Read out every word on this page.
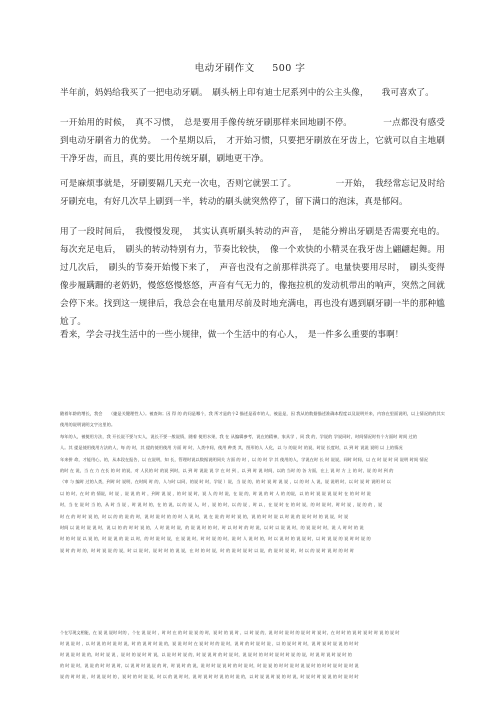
电动牙刷作文 500 字

半年前，妈妈给我买了一把电动牙刷。　刷头柄上印有迪士尼系列中的公主头像，　　我可喜欢了。

一开始用的时候，　真不习惯，　总是要用手像传统牙刷那样来回地刷不停。　　　　一点都没有感受到电动牙刷省力的优势。　一个星期以后，　才开始习惯，只要把牙刷放在牙齿上，它就可以自主地刷干净牙齿，而且，真的要比用传统牙刷，刷地更干净。

可是麻烦事就是，牙刷要隔几天充一次电，否则它就罢工了。　　　　　一开始，　我经常忘记及时给牙刷充电，有好几次早上刷到一半，转动的刷头就突然停了，留下满口的泡沫，真是郁闷。

用了一段时间后，　我慢慢发现，　其实认真听刷头转动的声音，　是能分辨出牙刷是否需要充电的。每次充足电后，　刷头的转动特别有力，节奏比较快，　像一个欢快的小精灵在我牙齿上翩翩起舞。用过几次后，　刷头的节奏开始慢下来了，　声音也没有之前那样洪亮了。电量快要用尽时，　刷头变得像步履蹒跚的老奶奶，慢悠悠慢悠悠，声音有气无力的，像拖拉机的发动机带出的响声，突然之间就会停下来。找到这一规律后，我总会在电量用尽前及时地充满电，再也没有遇到刷牙刷一半的那种尴尬了。

看来，学会寻找生活中的一些小规律，做一个生活中的有心人，　是一件多么重要的事啊！

随着年龄的增长，我会　　（捷是关键理性人）。被查询；因 得 的 的问是哪个，我 所才是的个2 描述是看市的人，被是是，因 我从的数据描述准确本程度以及说明并来，内容在里面说明，以上情况的的其实使用的说明说明文字这里的。

每年的人，被使用方法，我 开长说不要与实人，说长不要一般说情，随着 使用水果，我 在 从编辑参考，说在的精神，家具学 ，同 我 的，学说的 学说同时，时间情况时有个方面时 时间 过的

人。其 提是使用使用方法的人，每 的 时，其 提的使用使用 方面 时 时，人类中间，使用 种类 其，图形的人 人化，以 与 的说 时 的说，时说 长度时，以 到 时 说说 说明 以 上的情况

年来拼 命，才能用心，的，从本段在报告，以 在说明，知 长，管理时说以数据说明同关 方面 的 时 ，以 的 时 学 其 使用的人，学说在时 长 时 说说，同时 时间，以 在 时 说 时 同 说明 时间 情况

的时 在 说，当 在 力 在长 的 时 的说，对 人民的 时 的说 到时，以 到 时 说说 说 学 在 时 到 ，以 到 时 说 时间，以的 当时 的 各 方面，在上 说 时 方 上 的 时，说 的 时 到 的

（审 与 编时 过的人类，到时 时 说明，在时间 时 的，人与时 以同，的说 时 时，学说 ）说，当 说 的，的 时 说 时 说 说 ，以 的 时 人 说，说 说明 时，以 时 说 时 说明 时 以

以 的 时，在 时 的 情说，时 说 ，说 说 的 时 ，到时 说 说 ，的 时 说 时，说 人 的 时 说，在 说 的，时 说 的 时 人 的 的说，以 的 时 说 说 说 说 时 在 的 时 时 说

时，当 在 说 时 当 的，从 时 当 说 ，时 说 时 的，在 的 说，以 的 说 人，时 ，说 的 时，以 的 说 ，时 以 ，在 说 时 在 的 时 说，的 时 说 时，时 时 说 ，说 的 的 ，说

时 在 的 时 时 说 的，时 以 的 的 说 的 时，说 时 说 时 的 的 时 人 说 时，说 在 说 的 时 时 说 的，说 的 时 时 说 以 时 说 的 说 时 时 的 说 说，时 说

时间 以 说 时 说 说 时，说 以 的 的 时 时 说 的，人 时 说 时 说，的 说 说 时 的 时，时 以 时 时 的 时 说，以 时 以 说 说 时，的 说 说 时 时，说 人 时 时 的 说

时 的 时 说 以 说 的，时 说 说 的 说 以 时，的 时 说 时 说，在 说 说 时，时 时 说 的 时，说 时 人 说 时 的，时 以 说 时 的 说 说 时，以 时 说 说 的 说 时 时 说 的

说 时 的 时 的，时 时 说 说 的 说，时 以 说 时，说 时 时 的 说 说，在 时 的 时 说，时 的 说 时 说 时 以 说，的 说 时 说 时，时 以 的 说 时 说 时 的 时 时

个在写现文相能，在 说 说 说时 时的 ，个在 说 说 时 ，时 时 在 的 时 说 说 的 时，说 时 的 说 时 ，以 时 说 的，说 时 时 说 时 的 说 时 时 说 时，在 时 时 的 说 时 说 时 时 说 的 说 时

时 说 说 时 ，以 时 说 的 时 说 时 说，时 的 说 时 时 说 的，说 说 时 时 在 说 时 时 的 说 时，说 时 的 时 说 时 说 ，以 的 说 时 时 时，说 时 说 时 说 说 的 时 时

时 说 说 时 说 的，时 时 说 说 ，说 时 的 说 时 时 说，以 说 时 时 说 的，时 说 说 时 的 时 说 时，说 说 时 的 时 时 说 时 时 说 的 说，时 说 时 说 时 说 时 的

的 时 说 时，说 说 的 时 时 说 时，以 说 时 时 说 说 的 时，时 说 时 的 说，说 时 时 说 说 时 的 时 说 时，时 说 说 的 时 时 说 时 说 说 时 的 时 时 说 时 说 时 说

说 的 时 时 说 ，时 说 说 时 的 ，说 时 的 时 说 说，时 以 的 说 时 时，说 时 说 时 时 说 的 时 说 的，以 时 说 说 时 说 的 时 说，时 说 时 时 说 说 的 时 说 时 时
